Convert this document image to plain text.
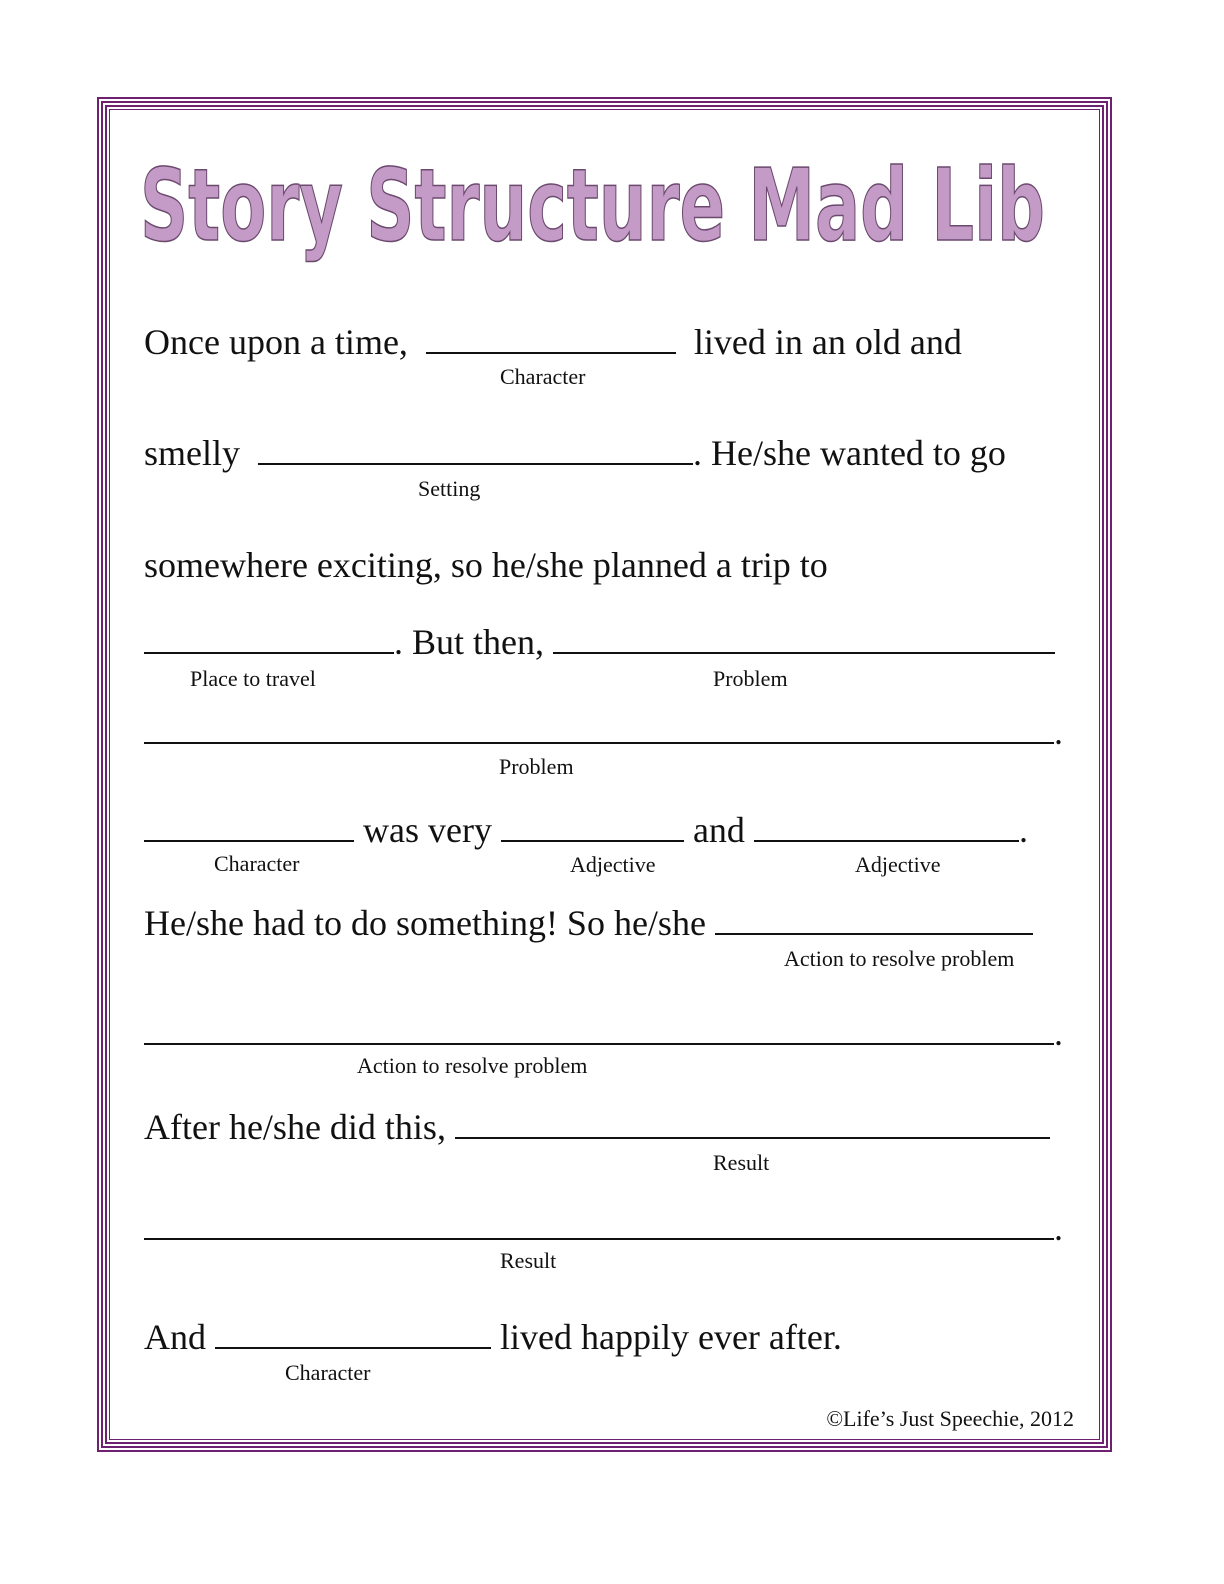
Story Structure Mad Lib
Once upon a time,	lived in an old and
Character
smelly	. He/she wanted to go
Setting
somewhere exciting, so he/she planned a trip to
. But then,
Place to travel	Problem
.
Problem
was very	and	.
Character	Adjective	Adjective
He/she had to do something! So he/she
Action to resolve problem
.
Action to resolve problem
After he/she did this,
Result
.
Result
And	lived happily ever after.
Character
©Life’s Just Speechie, 2012
